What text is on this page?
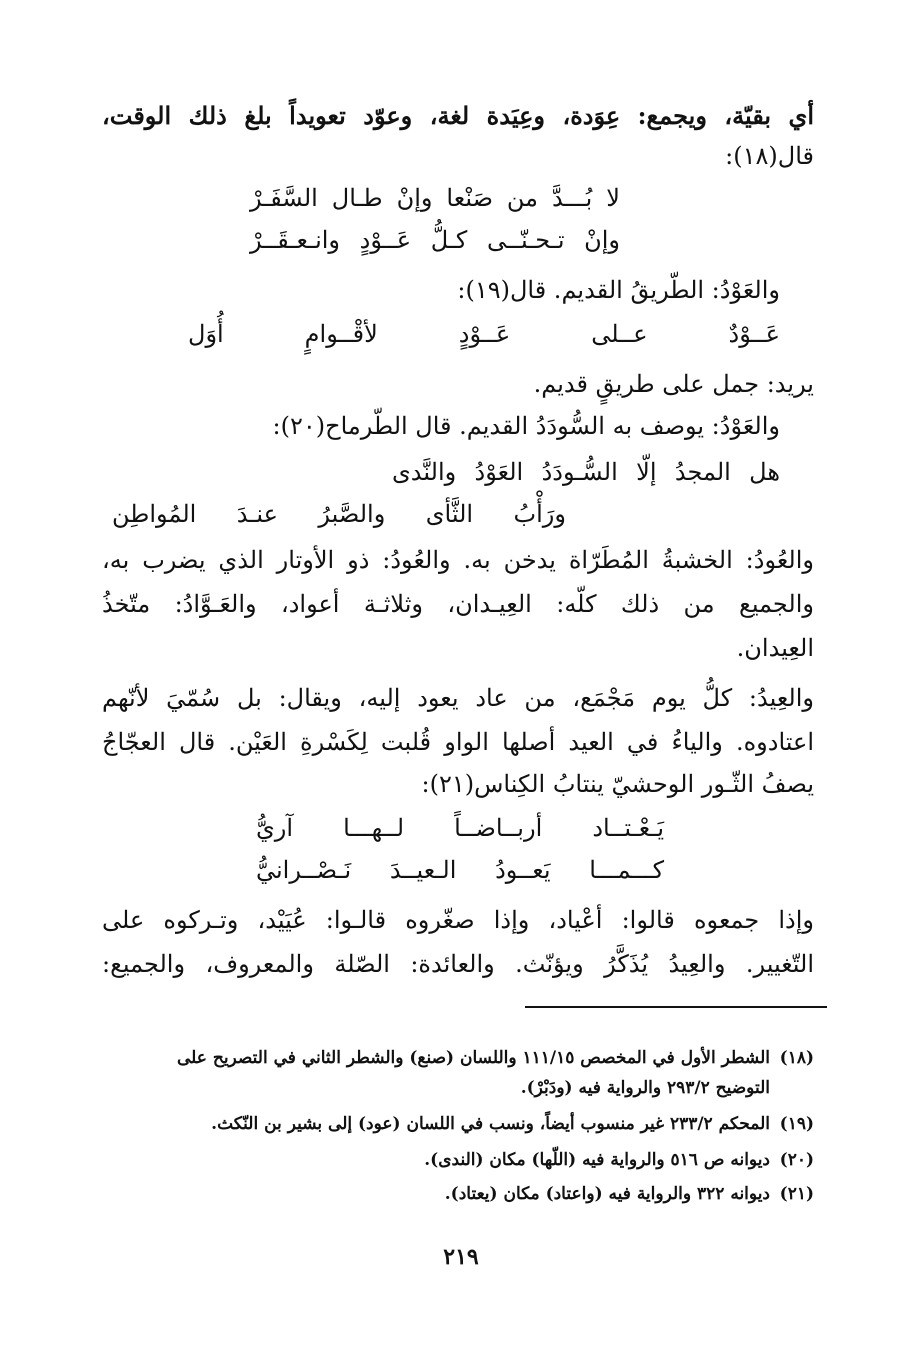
أي بقيّة، ويجمع: عِوَدة، وعِيَدة لغة، وعوّد تعويداً بلغ ذلك الوقت،
قال(١٨):
لا بُـــدَّ من صَنْعا وإنْ طـال السَّفَـرْ
وإنْ تـحـنّــى كـلُّ عَــوْدٍ وانـعـقَــرْ
والعَوْدُ: الطّريقُ القديم. قال(١٩):
عَــوْدٌ عــلى عَــوْدٍ لأقْــوامٍ أُوَل
يريد: جمل على طريقٍ قديم.
والعَوْدُ: يوصف به السُّودَدُ القديم. قال الطّرماح(٢٠):
هل المجدُ إلّا السُّـودَدُ العَوْدُ والنَّدى
ورَأْبُ الثَّأى والصَّبرُ عنـدَ المُواطِن
والعُودُ: الخشبةُ المُطَرّاة يدخن به. والعُودُ: ذو الأوتار الذي يضرب به،
والجميع من ذلك كلّه: العِيـدان، وثلاثـة أعواد، والعَـوَّادُ: متّخذُ
العِيدان.
والعِيدُ: كلُّ يوم مَجْمَع، من عاد يعود إليه، ويقال: بل سُمّيَ لأنّهم
اعتادوه. والياءُ في العيد أصلها الواو قُلبت لِكَسْرةِ العَيْن. قال العجّاجُ
يصفُ الثّـور الوحشيّ ينتابُ الكِناس(٢١):
يَـعْـتــاد أربــاضــاً لــهـــا آريُّ
كـــمـــا يَعــودُ الـعيــدَ نَـصْــرانيُّ
وإذا جمعوه قالوا: أعْياد، وإذا صغّروه قالـوا: عُيَيْد، وتـركوه على
التّغيير. والعِيدُ يُذَكَّرُ ويؤنّث. والعائدة: الصّلة والمعروف، والجميع:
(١٨)الشطر الأول في المخصص ١١١/١٥ واللسان (صنع) والشطر الثاني في التصريح على
التوضيح ٢٩٣/٢ والرواية فيه (ودَبْرْ).
(١٩)المحكم ٢٣٣/٢ غير منسوب أيضاً، ونسب في اللسان (عود) إلى بشير بن النّكث.
(٢٠)ديوانه ص ٥١٦ والرواية فيه (اللّها) مكان (الندى).
(٢١)ديوانه ٣٢٢ والرواية فيه (واعتاد) مكان (يعتاد).
٢١٩
